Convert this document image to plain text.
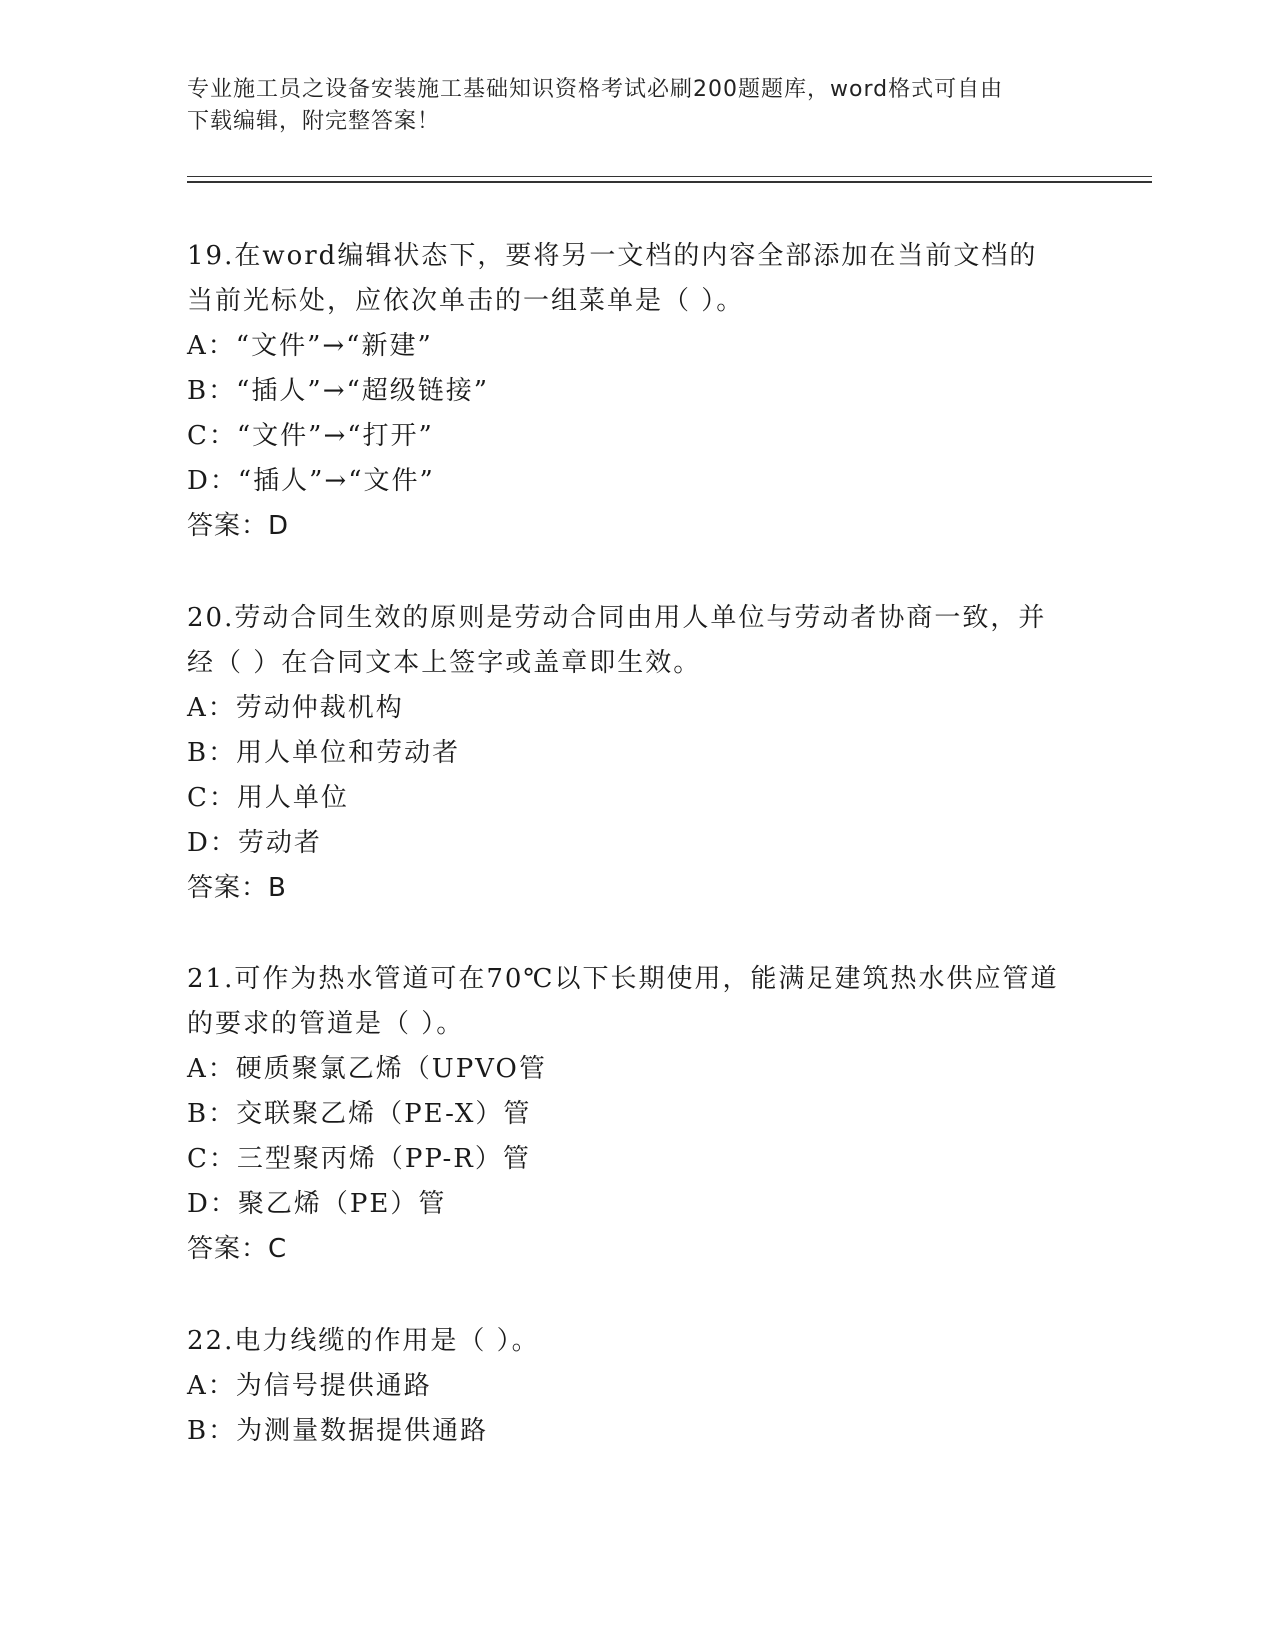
专业施工员之设备安装施工基础知识资格考试必刷200题题库，word格式可自由
下载编辑，附完整答案！
19.在word编辑状态下，要将另一文档的内容全部添加在当前文档的
当前光标处，应依次单击的一组菜单是（ ）。
A：“文件”→“新建”
B：“插人”→“超级链接”
C：“文件”→“打开”
D：“插人”→“文件”
答案：D
20.劳动合同生效的原则是劳动合同由用人单位与劳动者协商一致，并
经（ ）在合同文本上签字或盖章即生效。
A：劳动仲裁机构
B：用人单位和劳动者
C：用人单位
D：劳动者
答案：B
21.可作为热水管道可在70℃以下长期使用，能满足建筑热水供应管道
的要求的管道是（ ）。
A：硬质聚氯乙烯（UPVO管
B：交联聚乙烯（PE-X）管
C：三型聚丙烯（PP-R）管
D：聚乙烯（PE）管
答案：C
22.电力线缆的作用是（ ）。
A：为信号提供通路
B：为测量数据提供通路
